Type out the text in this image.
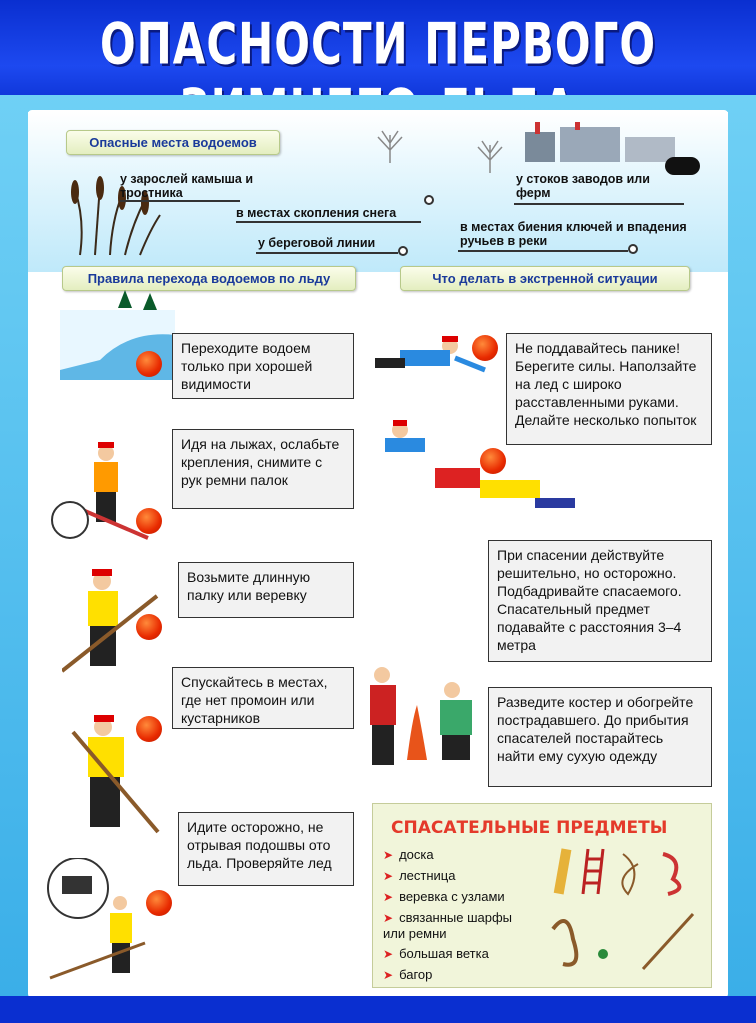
ОПАСНОСТИ ПЕРВОГО
Опасные места водоемов
у зарослей камыша и тростника
в местах скопления снега
у береговой линии
у стоков заводов или ферм
в местах биения ключей и впадения ручьев в реки
Правила перехода водоемов по льду	Что делать в экстренной ситуации
Переходите водоем только при хорошей видимости
Идя на лыжах, ослабьте крепления, снимите с рук ремни палок
Возьмите длинную палку или веревку
Спускайтесь в местах, где нет промоин или кустарников
Идите осторожно, не отрывая подошвы ото льда. Проверяйте лед
Не поддавайтесь панике! Берегите силы. Наползайте на лед с широко расставленными руками. Делайте несколько попыток
При спасении действуйте решительно, но осторожно. Подбадривайте спасаемого. Спасательный предмет подавайте с расстояния 3–4 метра
Разведите костер и обогрейте пострадавшего. До прибытия спасателей постарайтесь найти ему сухую одежду
СПАСАТЕЛЬНЫЕ ПРЕДМЕТЫ
➤ доска
➤ лестница
➤ веревка с узлами
➤ связанные шарфы или ремни
➤ большая ветка
➤ багор
